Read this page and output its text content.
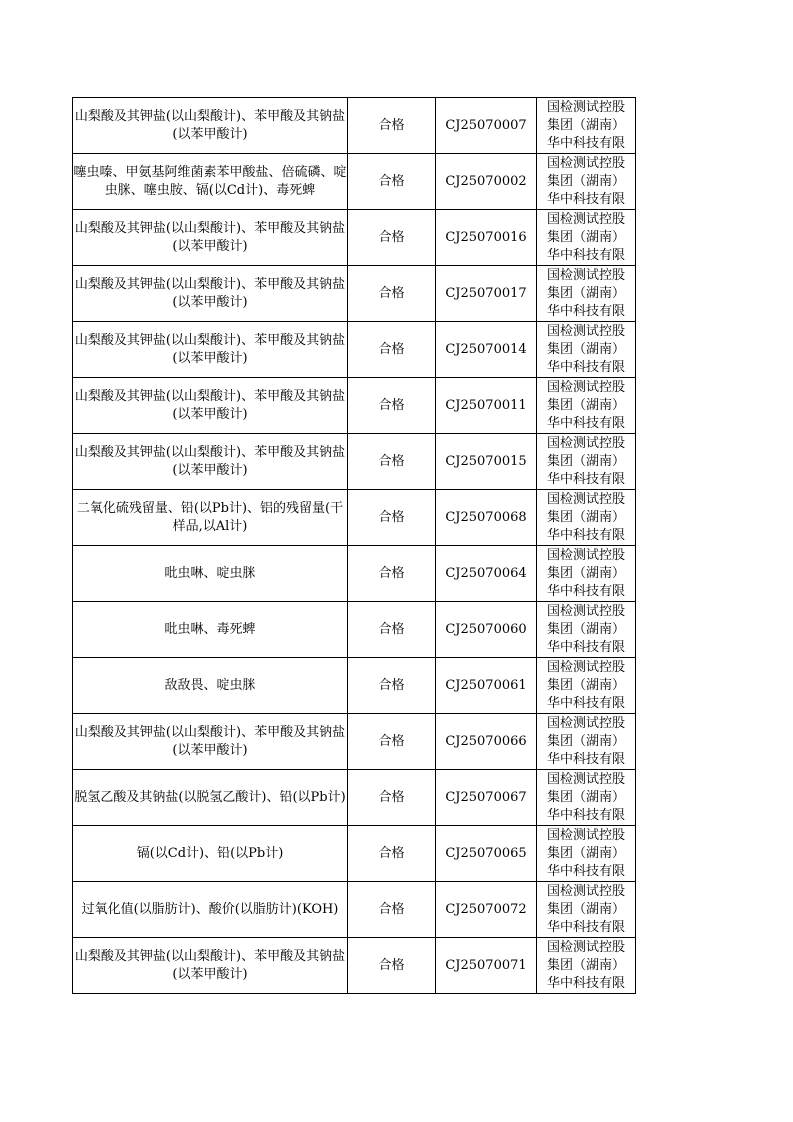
山梨酸及其钾盐(以山梨酸计)、苯甲酸及其钠盐(以苯甲酸计)	合格	CJ25070007	国检测试控股
集团（湖南）
华中科技有限

噻虫嗪、甲氨基阿维菌素苯甲酸盐、倍硫磷、啶虫脒、噻虫胺、镉(以Cd计)、毒死蜱	合格	CJ25070002	国检测试控股
集团（湖南）
华中科技有限

山梨酸及其钾盐(以山梨酸计)、苯甲酸及其钠盐(以苯甲酸计)	合格	CJ25070016	国检测试控股
集团（湖南）
华中科技有限

山梨酸及其钾盐(以山梨酸计)、苯甲酸及其钠盐(以苯甲酸计)	合格	CJ25070017	国检测试控股
集团（湖南）
华中科技有限

山梨酸及其钾盐(以山梨酸计)、苯甲酸及其钠盐(以苯甲酸计)	合格	CJ25070014	国检测试控股
集团（湖南）
华中科技有限

山梨酸及其钾盐(以山梨酸计)、苯甲酸及其钠盐(以苯甲酸计)	合格	CJ25070011	国检测试控股
集团（湖南）
华中科技有限

山梨酸及其钾盐(以山梨酸计)、苯甲酸及其钠盐(以苯甲酸计)	合格	CJ25070015	国检测试控股
集团（湖南）
华中科技有限

二氧化硫残留量、铅(以Pb计)、铝的残留量(干样品,以Al计)	合格	CJ25070068	国检测试控股
集团（湖南）
华中科技有限

吡虫啉、啶虫脒	合格	CJ25070064	国检测试控股
集团（湖南）
华中科技有限

吡虫啉、毒死蜱	合格	CJ25070060	国检测试控股
集团（湖南）
华中科技有限

敌敌畏、啶虫脒	合格	CJ25070061	国检测试控股
集团（湖南）
华中科技有限

山梨酸及其钾盐(以山梨酸计)、苯甲酸及其钠盐(以苯甲酸计)	合格	CJ25070066	国检测试控股
集团（湖南）
华中科技有限

脱氢乙酸及其钠盐(以脱氢乙酸计)、铅(以Pb计)	合格	CJ25070067	国检测试控股
集团（湖南）
华中科技有限

镉(以Cd计)、铅(以Pb计)	合格	CJ25070065	国检测试控股
集团（湖南）
华中科技有限

过氧化值(以脂肪计)、酸价(以脂肪计)(KOH)	合格	CJ25070072	国检测试控股
集团（湖南）
华中科技有限

山梨酸及其钾盐(以山梨酸计)、苯甲酸及其钠盐(以苯甲酸计)	合格	CJ25070071	国检测试控股
集团（湖南）
华中科技有限
